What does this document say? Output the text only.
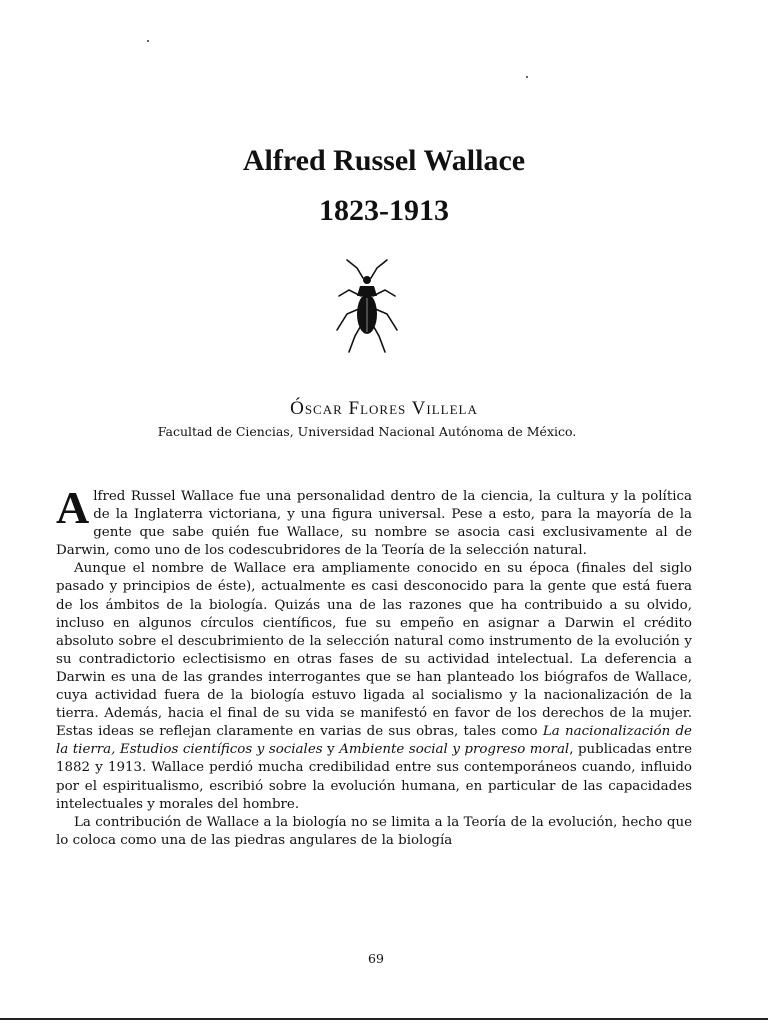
Alfred Russel Wallace
1823-1913
Óscar Flores Villela
Facultad de Ciencias, Universidad Nacional Autónoma de México.

Alfred Russel Wallace fue una personalidad dentro de la ciencia, la cultura y la política de la Inglaterra victoriana, y una figura universal. Pese a esto, para la mayoría de la gente que sabe quién fue Wallace, su nombre se asocia casi exclusivamente al de Darwin, como uno de los codescubridores de la Teoría de la selección natural.

Aunque el nombre de Wallace era ampliamente conocido en su época (finales del siglo pasado y principios de éste), actualmente es casi desconocido para la gente que está fuera de los ámbitos de la biología. Quizás una de las razones que ha contribuido a su olvido, incluso en algunos círculos científicos, fue su empeño en asignar a Darwin el crédito absoluto sobre el descubrimiento de la selección natural como instrumento de la evolución y su contradictorio eclectisismo en otras fases de su actividad intelectual. La deferencia a Darwin es una de las grandes interrogantes que se han planteado los biógrafos de Wallace, cuya actividad fuera de la biología estuvo ligada al socialismo y la nacionalización de la tierra. Además, hacia el final de su vida se manifestó en favor de los derechos de la mujer. Estas ideas se reflejan claramente en varias de sus obras, tales como La nacionalización de la tierra, Estudios científicos y sociales y Ambiente social y progreso moral, publicadas entre 1882 y 1913. Wallace perdió mucha credibilidad entre sus contemporáneos cuando, influido por el espiritualismo, escribió sobre la evolución humana, en particular de las capacidades intelectuales y morales del hombre.

La contribución de Wallace a la biología no se limita a la Teoría de la evolución, hecho que lo coloca como una de las piedras angulares de la biología

69
